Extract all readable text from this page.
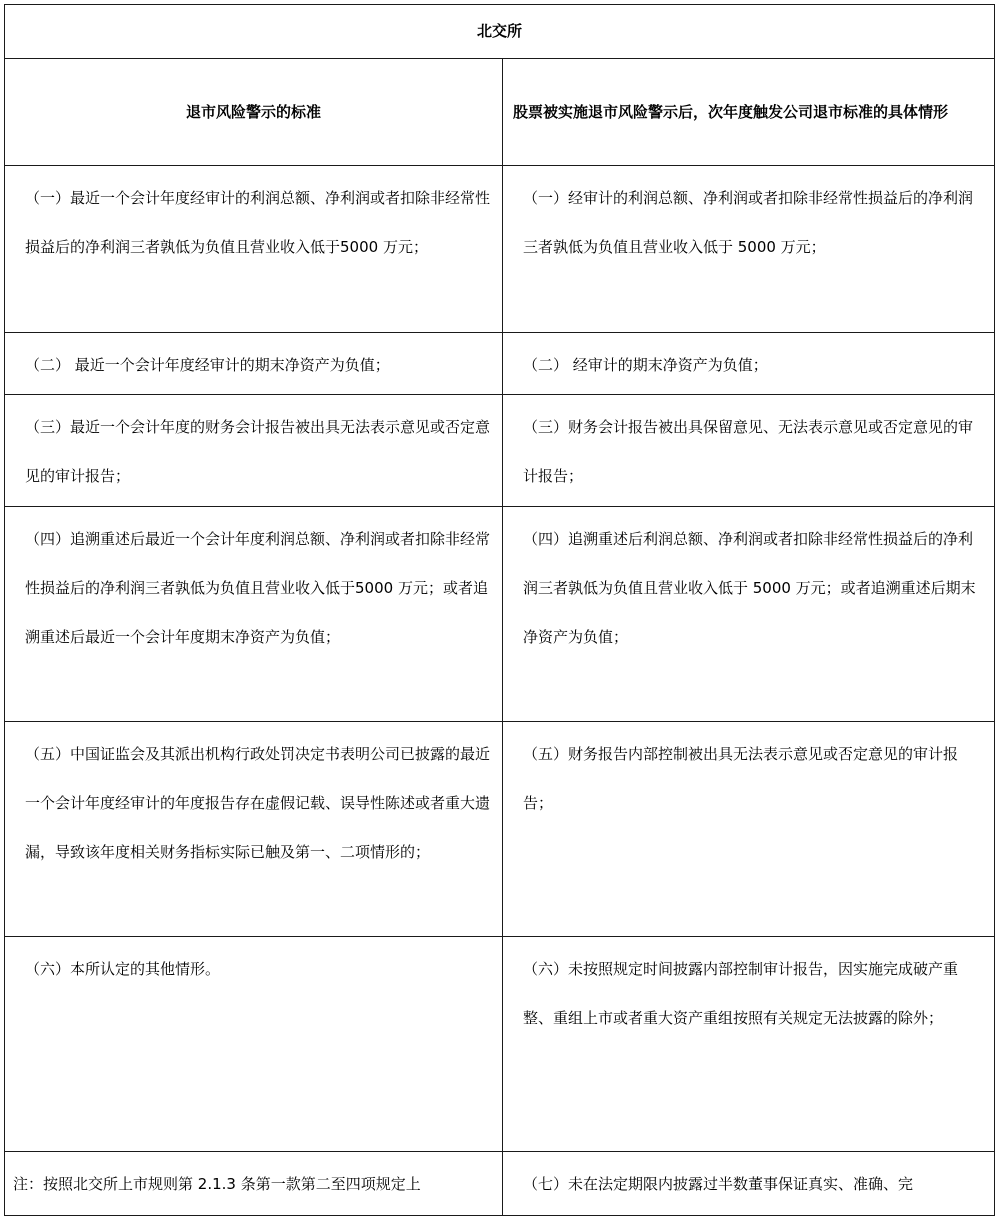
北交所	
退市风险警示的标准	股票被实施退市风险警示后，次年度触发公司退市标准的具体情形
（一）最近一个会计年度经审计的利润总额、净利润或者扣除非经常性损益后的净利润三者孰低为负值且营业收入低于5000 万元；	（一）经审计的利润总额、净利润或者扣除非经常性损益后的净利润三者孰低为负值且营业收入低于 5000 万元；
（二） 最近一个会计年度经审计的期末净资产为负值；	（二） 经审计的期末净资产为负值；
（三）最近一个会计年度的财务会计报告被出具无法表示意见或否定意见的审计报告；	（三）财务会计报告被出具保留意见、无法表示意见或否定意见的审计报告；
（四）追溯重述后最近一个会计年度利润总额、净利润或者扣除非经常性损益后的净利润三者孰低为负值且营业收入低于5000 万元；或者追溯重述后最近一个会计年度期末净资产为负值；	（四）追溯重述后利润总额、净利润或者扣除非经常性损益后的净利润三者孰低为负值且营业收入低于 5000 万元；或者追溯重述后期末净资产为负值；
（五）中国证监会及其派出机构行政处罚决定书表明公司已披露的最近一个会计年度经审计的年度报告存在虚假记载、误导性陈述或者重大遗漏，导致该年度相关财务指标实际已触及第一、二项情形的；	（五）财务报告内部控制被出具无法表示意见或否定意见的审计报告；
（六）本所认定的其他情形。	（六）未按照规定时间披露内部控制审计报告，因实施完成破产重整、重组上市或者重大资产重组按照有关规定无法披露的除外；
注：按照北交所上市规则第 2.1.3 条第一款第二至四项规定上	（七）未在法定期限内披露过半数董事保证真实、准确、完
